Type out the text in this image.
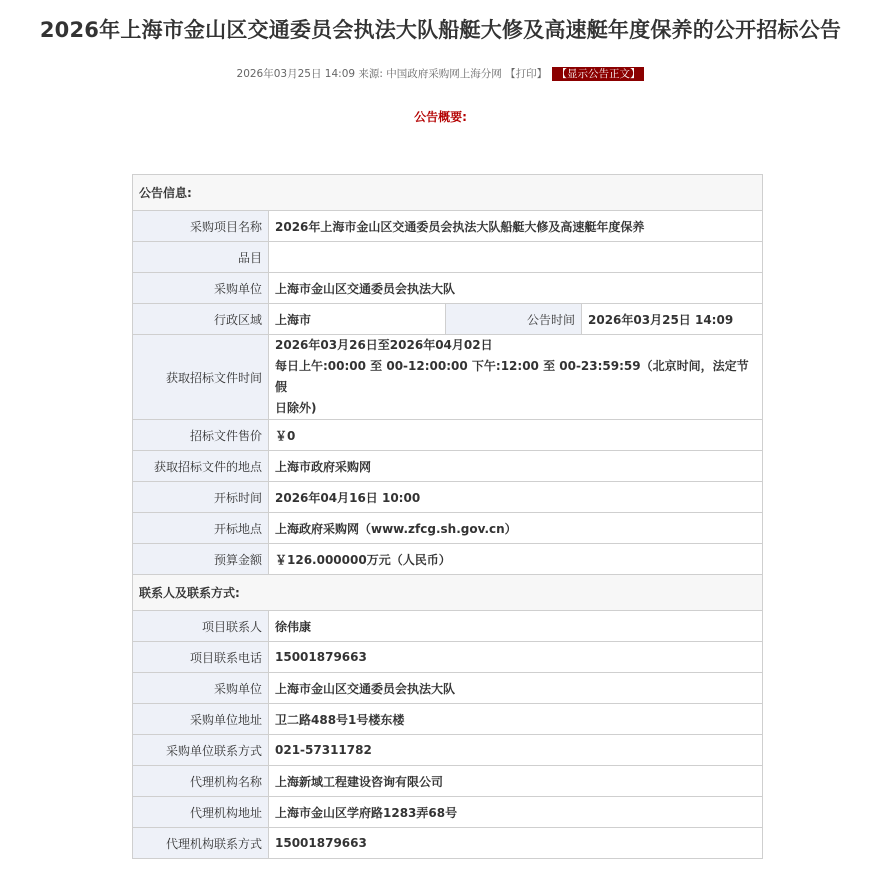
2026年上海市金山区交通委员会执法大队船艇大修及高速艇年度保养的公开招标公告
2026年03月25日 14:09 来源: 中国政府采购网上海分网 【打印】 【显示公告正文】
公告概要:
公告信息:			
采购项目名称	2026年上海市金山区交通委员会执法大队船艇大修及高速艇年度保养		
品目			
采购单位	上海市金山区交通委员会执法大队		
行政区域	上海市	公告时间	2026年03月25日 14:09
获取招标文件时间	2026年03月26日至2026年04月02日
每日上午:00:00 至 00-12:00:00 下午:12:00 至 00-23:59:59（北京时间，法定节假
日除外)		

招标文件售价	￥0		
获取招标文件的地点	上海市政府采购网		
开标时间	2026年04月16日 10:00		
开标地点	上海政府采购网（www.zfcg.sh.gov.cn）		
预算金额	￥126.000000万元（人民币）		
联系人及联系方式:			
项目联系人	徐伟康		
项目联系电话	15001879663		
采购单位	上海市金山区交通委员会执法大队		
采购单位地址	卫二路488号1号楼东楼		
采购单位联系方式	021-57311782		
代理机构名称	上海新域工程建设咨询有限公司		
代理机构地址	上海市金山区学府路1283弄68号		
代理机构联系方式	15001879663		
